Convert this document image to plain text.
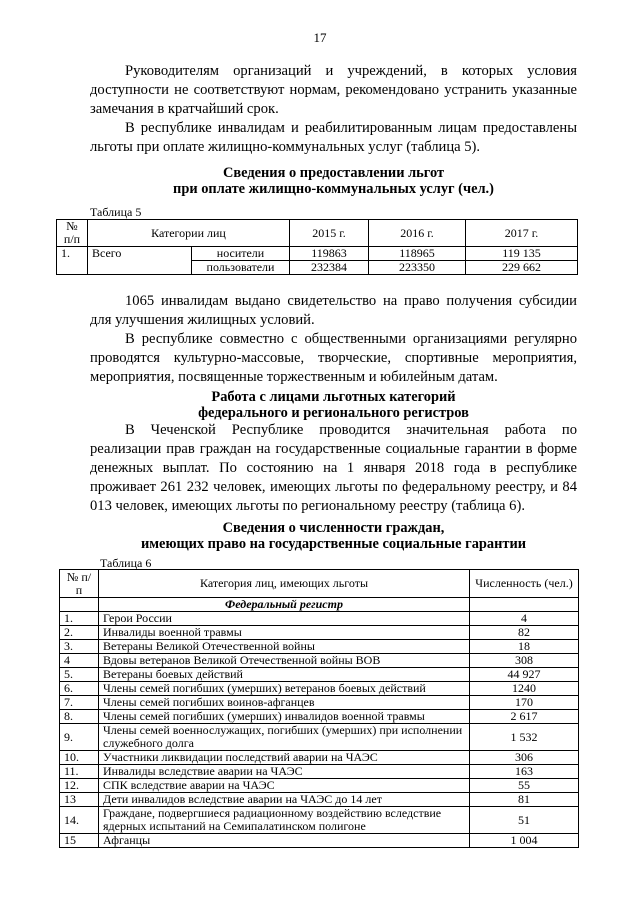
17

Руководителям организаций и учреждений, в которых условия доступности не соответствуют нормам, рекомендовано устранить указанные замечания в кратчайший срок.

В республике инвалидам и реабилитированным лицам предоставлены льготы при оплате жилищно-коммунальных услуг (таблица 5).

Сведения о предоставлении льгот
при оплате жилищно-коммунальных услуг (чел.)
Таблица 5
№ п/п	Категории лиц		2015 г.	2016 г.	2017 г.
1.	Всего	носители	119863	118965	119 135
		пользователи	232384	223350	229 662

1065 инвалидам выдано свидетельство на право получения субсидии для улучшения жилищных условий.

В республике совместно с общественными организациями регулярно проводятся культурно-массовые, творческие, спортивные мероприятия, мероприятия, посвященные торжественным и юбилейным датам.

Работа с лицами льготных категорий
федерального и регионального регистров

В Чеченской Республике проводится значительная работа по реализации прав граждан на государственные социальные гарантии в форме денежных выплат. По состоянию на 1 января 2018 года в республике проживает 261 232 человек, имеющих льготы по федеральному реестру, и 84 013 человек, имеющих льготы по региональному реестру (таблица 6).

Сведения о численности граждан,
имеющих право на государственные социальные гарантии
Таблица 6
№ п/п	Категория лиц, имеющих льготы	Численность (чел.)
	Федеральный регистр	
1.	Герои России	4
2.	Инвалиды военной травмы	82
3.	Ветераны Великой Отечественной войны	18
4	Вдовы ветеранов Великой Отечественной войны ВОВ	308
5.	Ветераны боевых действий	44 927
6.	Члены семей погибших (умерших) ветеранов боевых действий	1240
7.	Члены семей погибших воинов-афганцев	170
8.	Члены семей погибших (умерших) инвалидов военной травмы	2 617
9.	Члены семей военнослужащих, погибших (умерших) при исполнении служебного долга	1 532
10.	Участники ликвидации последствий аварии на ЧАЭС	306
11.	Инвалиды вследствие аварии на ЧАЭС	163
12.	СПК вследствие аварии на ЧАЭС	55
13	Дети инвалидов вследствие аварии на ЧАЭС до 14 лет	81
14.	Граждане, подвергшиеся радиационному воздействию вследствие ядерных испытаний на Семипалатинском полигоне	51
15	Афганцы	1 004
